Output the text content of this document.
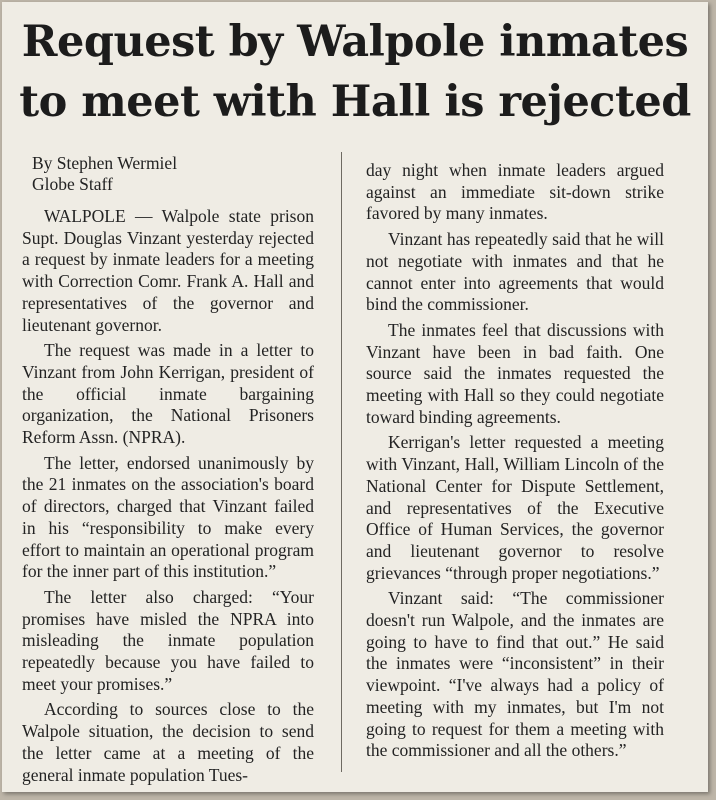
Request by Walpole inmates
to meet with Hall is rejected
By Stephen Wermiel
Globe Staff

WALPOLE — Walpole state prison Supt. Douglas Vinzant yesterday rejected a request by inmate leaders for a meeting with Correction Comr. Frank A. Hall and representatives of the governor and lieutenant governor.

The request was made in a letter to Vinzant from John Kerrigan, president of the official inmate bargaining organization, the National Prisoners Reform Assn. (NPRA).

The letter, endorsed unanimously by the 21 inmates on the association's board of directors, charged that Vinzant failed in his “responsibility to make every effort to maintain an operational program for the inner part of this institution.”

The letter also charged: “Your promises have misled the NPRA into misleading the inmate population repeatedly because you have failed to meet your promises.”

According to sources close to the Walpole situation, the decision to send the letter came at a meeting of the general inmate population Tues-

day night when inmate leaders argued against an immediate sit-down strike favored by many inmates.

Vinzant has repeatedly said that he will not negotiate with inmates and that he cannot enter into agreements that would bind the commissioner.

The inmates feel that discussions with Vinzant have been in bad faith. One source said the inmates requested the meeting with Hall so they could negotiate toward binding agreements.

Kerrigan's letter requested a meeting with Vinzant, Hall, William Lincoln of the National Center for Dispute Settlement, and representatives of the Executive Office of Human Services, the governor and lieutenant governor to resolve grievances “through proper negotiations.”

Vinzant said: “The commissioner doesn't run Walpole, and the inmates are going to have to find that out.” He said the inmates were “inconsistent” in their viewpoint. “I've always had a policy of meeting with my inmates, but I'm not going to request for them a meeting with the commissioner and all the others.”
